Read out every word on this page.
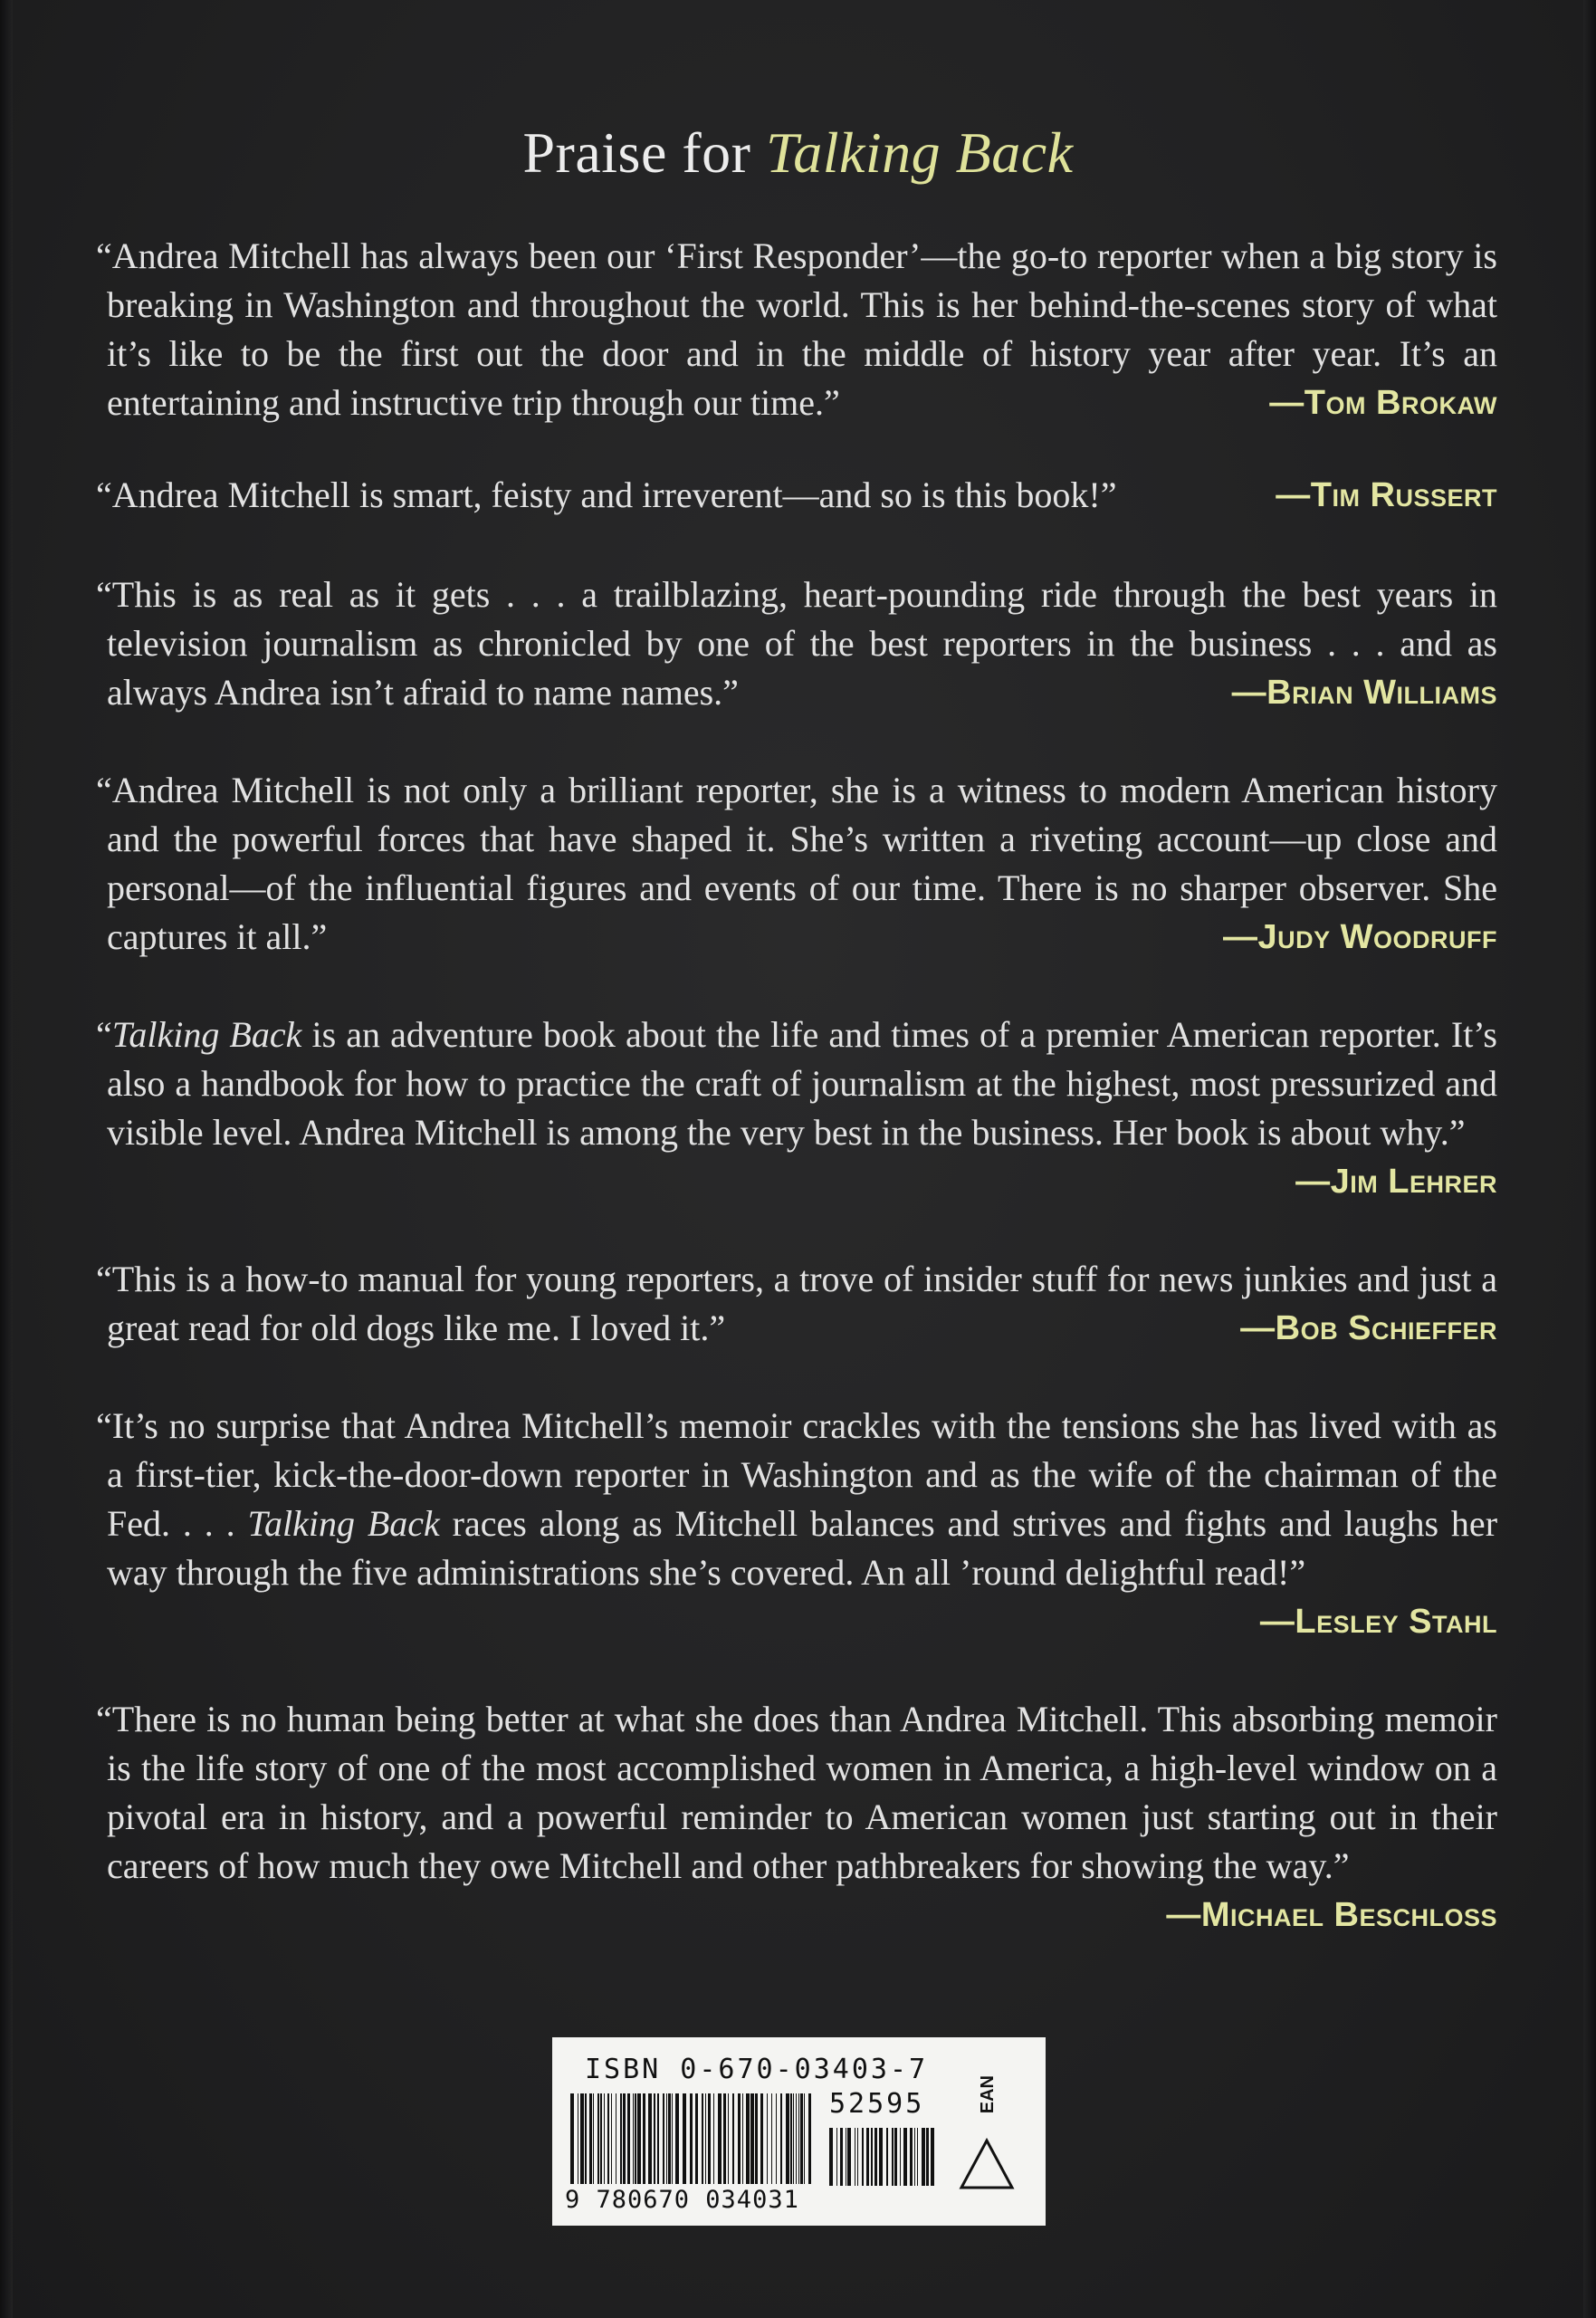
Praise for Talking Back

“Andrea Mitchell has always been our ‘First Responder’—the go-to reporter when a big story is breaking in Washington and throughout the world. This is her behind-the-scenes story of what it’s like to be the first out the door and in the middle of history year after year. It’s an entertaining and instructive trip through our time.”	—Tom Brokaw

“Andrea Mitchell is smart, feisty and irreverent—and so is this book!”	—Tim Russert

“This is as real as it gets . . . a trailblazing, heart-pounding ride through the best years in television journalism as chronicled by one of the best reporters in the business . . . and as always Andrea isn’t afraid to name names.”	—Brian Williams

“Andrea Mitchell is not only a brilliant reporter, she is a witness to modern American history and the powerful forces that have shaped it. She’s written a riveting account—up close and personal—of the influential figures and events of our time. There is no sharper observer. She captures it all.”	—Judy Woodruff

“Talking Back is an adventure book about the life and times of a premier American reporter. It’s also a handbook for how to practice the craft of journalism at the highest, most pressurized and visible level. Andrea Mitchell is among the very best in the business. Her book is about why.”
—Jim Lehrer

“This is a how-to manual for young reporters, a trove of insider stuff for news junkies and just a great read for old dogs like me. I loved it.”	—Bob Schieffer

“It’s no surprise that Andrea Mitchell’s memoir crackles with the tensions she has lived with as a first-tier, kick-the-door-down reporter in Washington and as the wife of the chairman of the Fed. . . . Talking Back races along as Mitchell balances and strives and fights and laughs her way through the five administrations she’s covered. An all ’round delightful read!”
—Lesley Stahl

“There is no human being better at what she does than Andrea Mitchell. This absorbing memoir is the life story of one of the most accomplished women in America, a high-level window on a pivotal era in history, and a powerful reminder to American women just starting out in their careers of how much they owe Mitchell and other pathbreakers for showing the way.”
—Michael Beschloss

ISBN 0-670-03403-7
52595	EAN
9 780670 034031
